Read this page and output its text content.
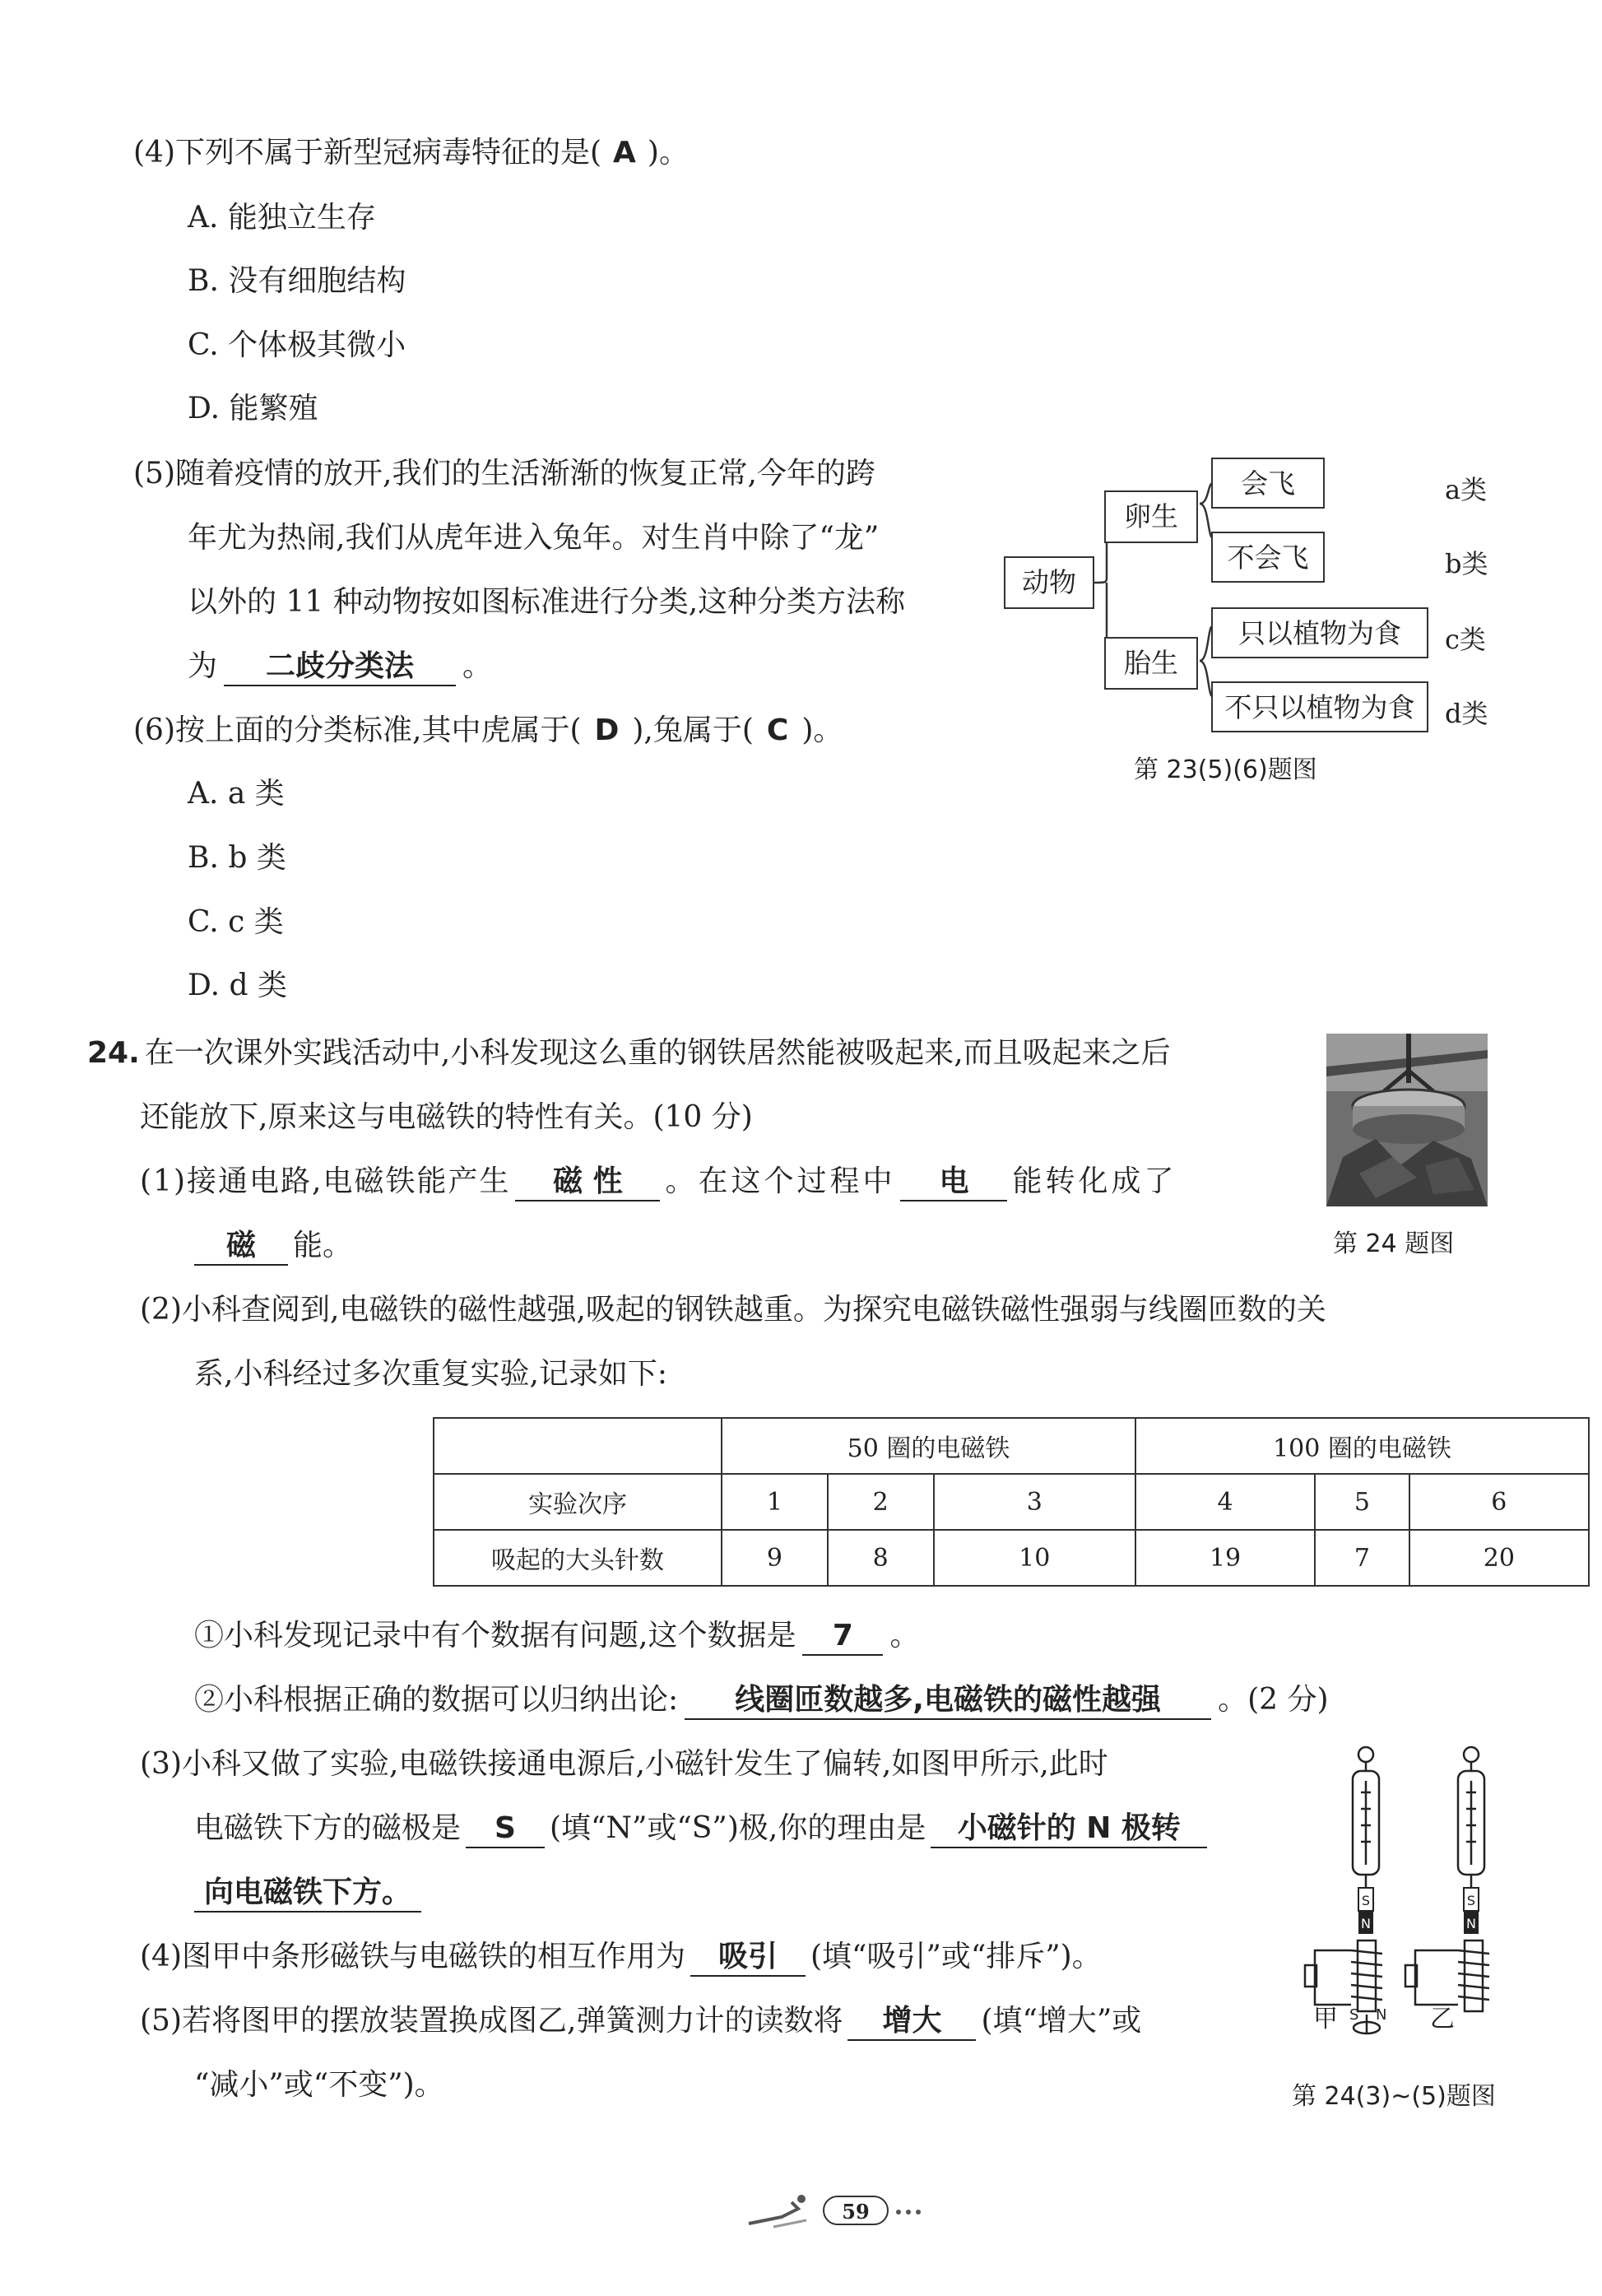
(4)下列不属于新型冠病毒特征的是( A )。
A. 能独立生存
B. 没有细胞结构
C. 个体极其微小
D. 能繁殖
(5)随着疫情的放开,我们的生活渐渐的恢复正常,今年的跨
年尤为热闹,我们从虎年进入兔年。对生肖中除了“龙”
以外的 11 种动物按如图标准进行分类,这种分类方法称
为 二歧分类法 。
(6)按上面的分类标准,其中虎属于( D ),兔属于( C )。
A. a 类
B. b 类
C. c 类
D. d 类
动物
卵生
胎生
会飞
不会飞
只以植物为食
不只以植物为食
a类
b类
c类
d类
第 23(5)(6)题图
24. 在一次课外实践活动中,小科发现这么重的钢铁居然能被吸起来,而且吸起来之后
还能放下,原来这与电磁铁的特性有关。(10 分)
第 24 题图
(1)接通电路,电磁铁能产生 磁 性 。在这个过程中 电 能转化成了
磁 能。
(2)小科查阅到,电磁铁的磁性越强,吸起的钢铁越重。为探究电磁铁磁性强弱与线圈匝数的关
系,小科经过多次重复实验,记录如下:
	50 圈的电磁铁			100 圈的电磁铁		
实验次序	1	2	3	4	5	6
吸起的大头针数	9	8	10	19	7	20
①小科发现记录中有个数据有问题,这个数据是 7 。
②小科根据正确的数据可以归纳出论: 线圈匝数越多,电磁铁的磁性越强 。(2 分)
(3)小科又做了实验,电磁铁接通电源后,小磁针发生了偏转,如图甲所示,此时
电磁铁下方的磁极是 S (填“N”或“S”)极,你的理由是 小磁针的 N 极转
向电磁铁下方。
(4)图甲中条形磁铁与电磁铁的相互作用为 吸引 (填“吸引”或“排斥”)。
(5)若将图甲的摆放装置换成图乙,弹簧测力计的读数将 增大 (填“增大”或
“减小”或“不变”)。
S
N
S
N
甲 S N 乙
第 24(3)~(5)题图
59
